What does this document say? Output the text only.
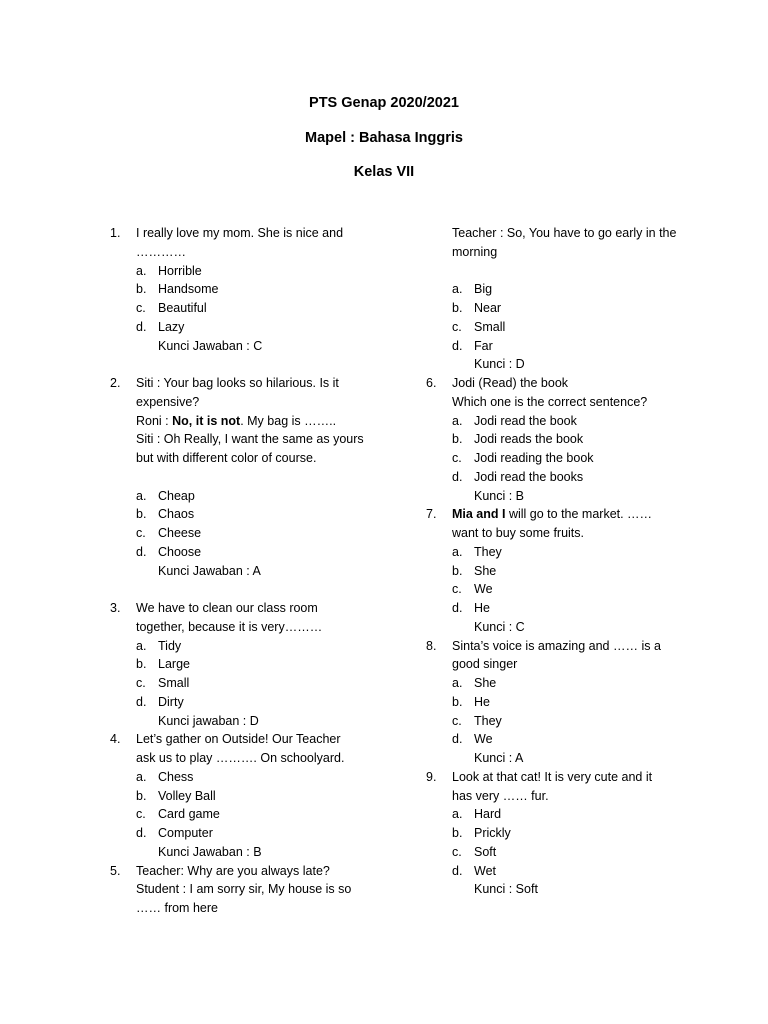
PTS Genap 2020/2021
Mapel : Bahasa Inggris
Kelas VII
1. I really love my mom. She is nice and
…………
a. Horrible
b. Handsome
c. Beautiful
d. Lazy
Kunci Jawaban : C
2. Siti : Your bag looks so hilarious. Is it
expensive?
Roni : No, it is not. My bag is ……..
Siti : Oh Really, I want the same as yours
but with different color of course.
a. Cheap
b. Chaos
c. Cheese
d. Choose
Kunci Jawaban : A
3. We have to clean our class room
together, because it is very………
a. Tidy
b. Large
c. Small
d. Dirty
Kunci jawaban : D
4. Let’s gather on Outside! Our Teacher
ask us to play ………. On schoolyard.
a. Chess
b. Volley Ball
c. Card game
d. Computer
Kunci Jawaban : B
5. Teacher: Why are you always late?
Student : I am sorry sir, My house is so
…… from here
Teacher : So, You have to go early in the
morning
a. Big
b. Near
c. Small
d. Far
Kunci : D
6. Jodi (Read) the book
Which one is the correct sentence?
a. Jodi read the book
b. Jodi reads the book
c. Jodi reading the book
d. Jodi read the books
Kunci : B
7. Mia and I will go to the market. ……
want to buy some fruits.
a. They
b. She
c. We
d. He
Kunci : C
8. Sinta’s voice is amazing and …… is a
good singer
a. She
b. He
c. They
d. We
Kunci : A
9. Look at that cat! It is very cute and it
has very …… fur.
a. Hard
b. Prickly
c. Soft
d. Wet
Kunci : Soft
